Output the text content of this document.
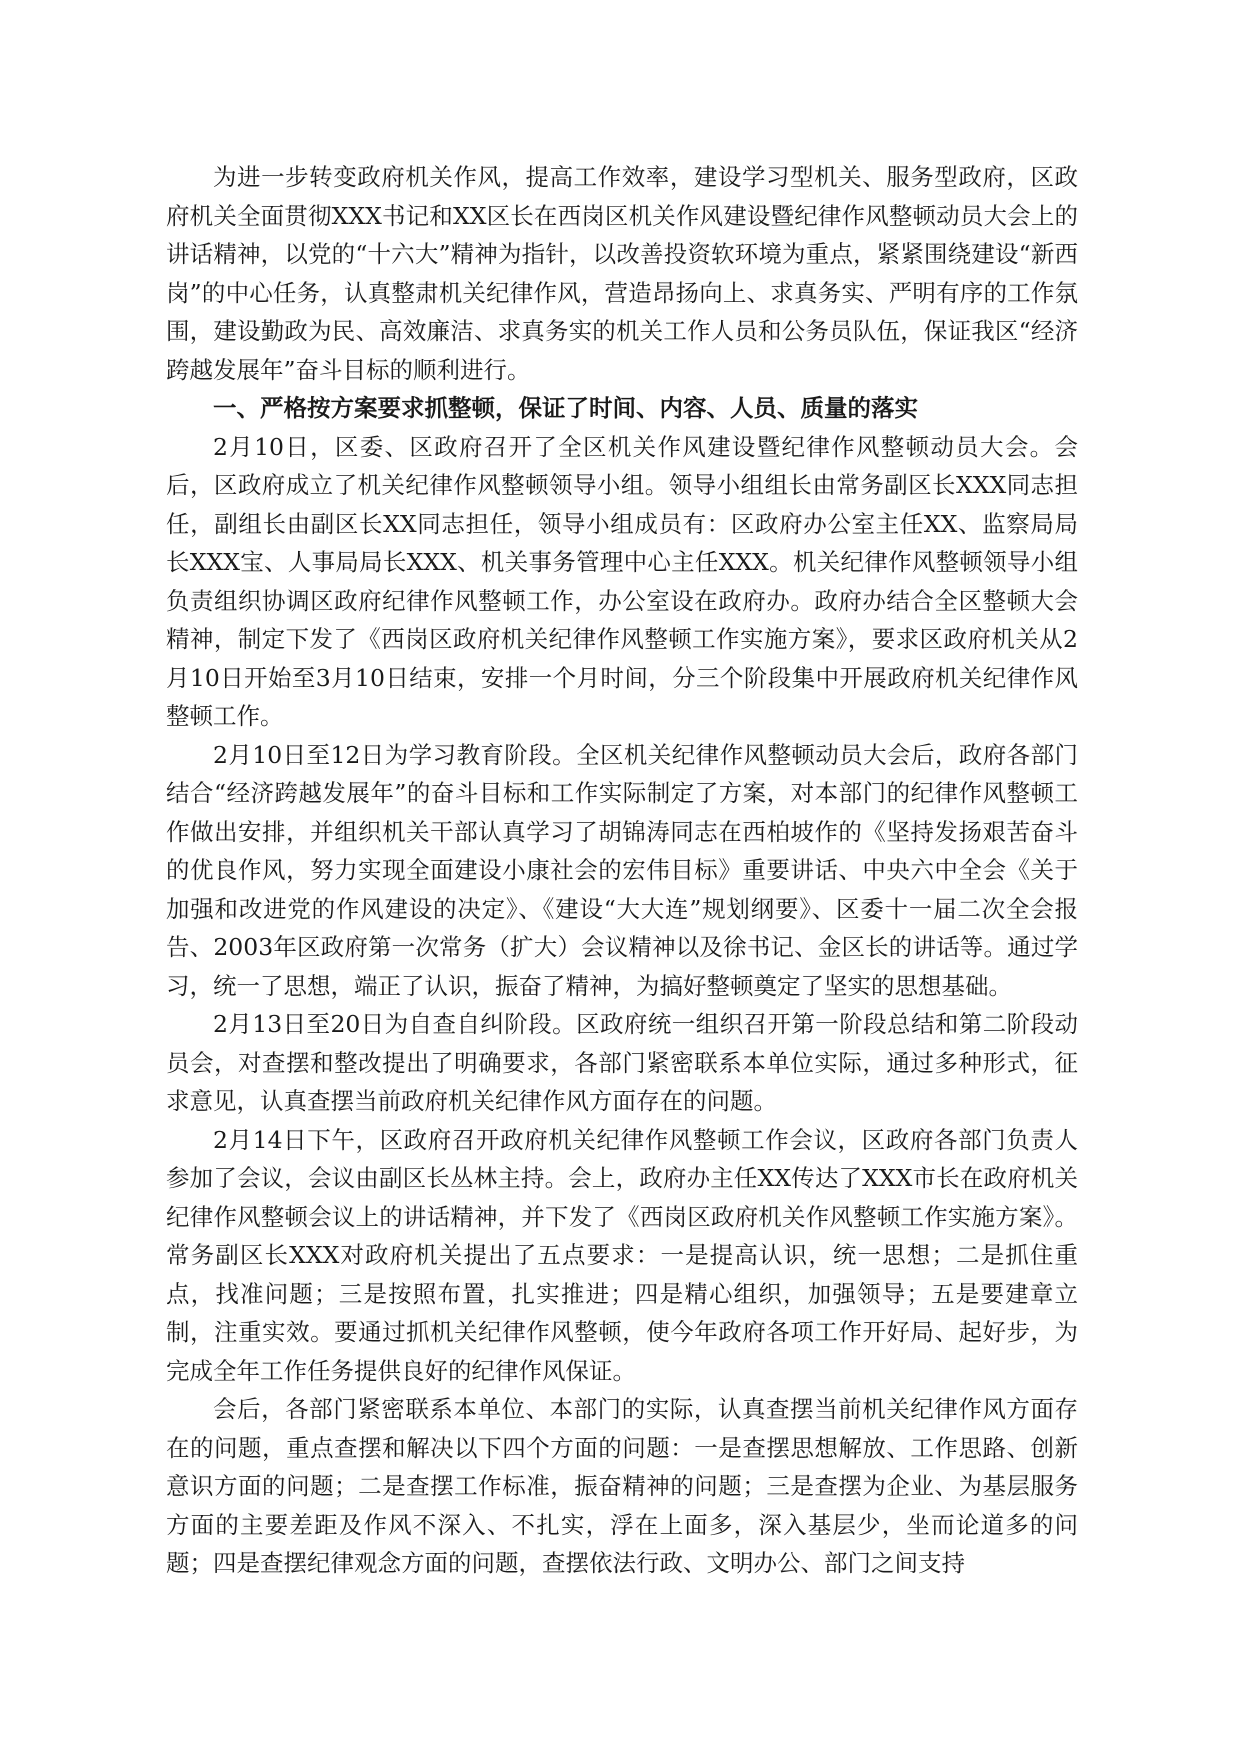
为进一步转变政府机关作风，提高工作效率，建设学习型机关、服务型政府，区政府机关全面贯彻XXX书记和XX区长在西岗区机关作风建设暨纪律作风整顿动员大会上的讲话精神，以党的“十六大”精神为指针，以改善投资软环境为重点，紧紧围绕建设“新西岗”的中心任务，认真整肃机关纪律作风，营造昂扬向上、求真务实、严明有序的工作氛围，建设勤政为民、高效廉洁、求真务实的机关工作人员和公务员队伍，保证我区“经济跨越发展年”奋斗目标的顺利进行。

一、严格按方案要求抓整顿，保证了时间、内容、人员、质量的落实

2月10日，区委、区政府召开了全区机关作风建设暨纪律作风整顿动员大会。会后，区政府成立了机关纪律作风整顿领导小组。领导小组组长由常务副区长XXX同志担任，副组长由副区长XX同志担任，领导小组成员有：区政府办公室主任XX、监察局局长XXX宝、人事局局长XXX、机关事务管理中心主任XXX。机关纪律作风整顿领导小组负责组织协调区政府纪律作风整顿工作，办公室设在政府办。政府办结合全区整顿大会精神，制定下发了《西岗区政府机关纪律作风整顿工作实施方案》，要求区政府机关从2月10日开始至3月10日结束，安排一个月时间，分三个阶段集中开展政府机关纪律作风整顿工作。

2月10日至12日为学习教育阶段。全区机关纪律作风整顿动员大会后，政府各部门结合“经济跨越发展年”的奋斗目标和工作实际制定了方案，对本部门的纪律作风整顿工作做出安排，并组织机关干部认真学习了胡锦涛同志在西柏坡作的《坚持发扬艰苦奋斗的优良作风，努力实现全面建设小康社会的宏伟目标》重要讲话、中央六中全会《关于加强和改进党的作风建设的决定》、《建设“大大连”规划纲要》、区委十一届二次全会报告、2003年区政府第一次常务（扩大）会议精神以及徐书记、金区长的讲话等。通过学习，统一了思想，端正了认识，振奋了精神，为搞好整顿奠定了坚实的思想基础。

2月13日至20日为自查自纠阶段。区政府统一组织召开第一阶段总结和第二阶段动员会，对查摆和整改提出了明确要求，各部门紧密联系本单位实际，通过多种形式，征求意见，认真查摆当前政府机关纪律作风方面存在的问题。

2月14日下午，区政府召开政府机关纪律作风整顿工作会议，区政府各部门负责人参加了会议，会议由副区长丛林主持。会上，政府办主任XX传达了XXX市长在政府机关纪律作风整顿会议上的讲话精神，并下发了《西岗区政府机关作风整顿工作实施方案》。常务副区长XXX对政府机关提出了五点要求：一是提高认识，统一思想；二是抓住重点，找准问题；三是按照布置，扎实推进；四是精心组织，加强领导；五是要建章立制，注重实效。要通过抓机关纪律作风整顿，使今年政府各项工作开好局、起好步，为完成全年工作任务提供良好的纪律作风保证。

会后，各部门紧密联系本单位、本部门的实际，认真查摆当前机关纪律作风方面存在的问题，重点查摆和解决以下四个方面的问题：一是查摆思想解放、工作思路、创新意识方面的问题；二是查摆工作标准，振奋精神的问题；三是查摆为企业、为基层服务方面的主要差距及作风不深入、不扎实，浮在上面多，深入基层少，坐而论道多的问题；四是查摆纪律观念方面的问题，查摆依法行政、文明办公、部门之间支持
